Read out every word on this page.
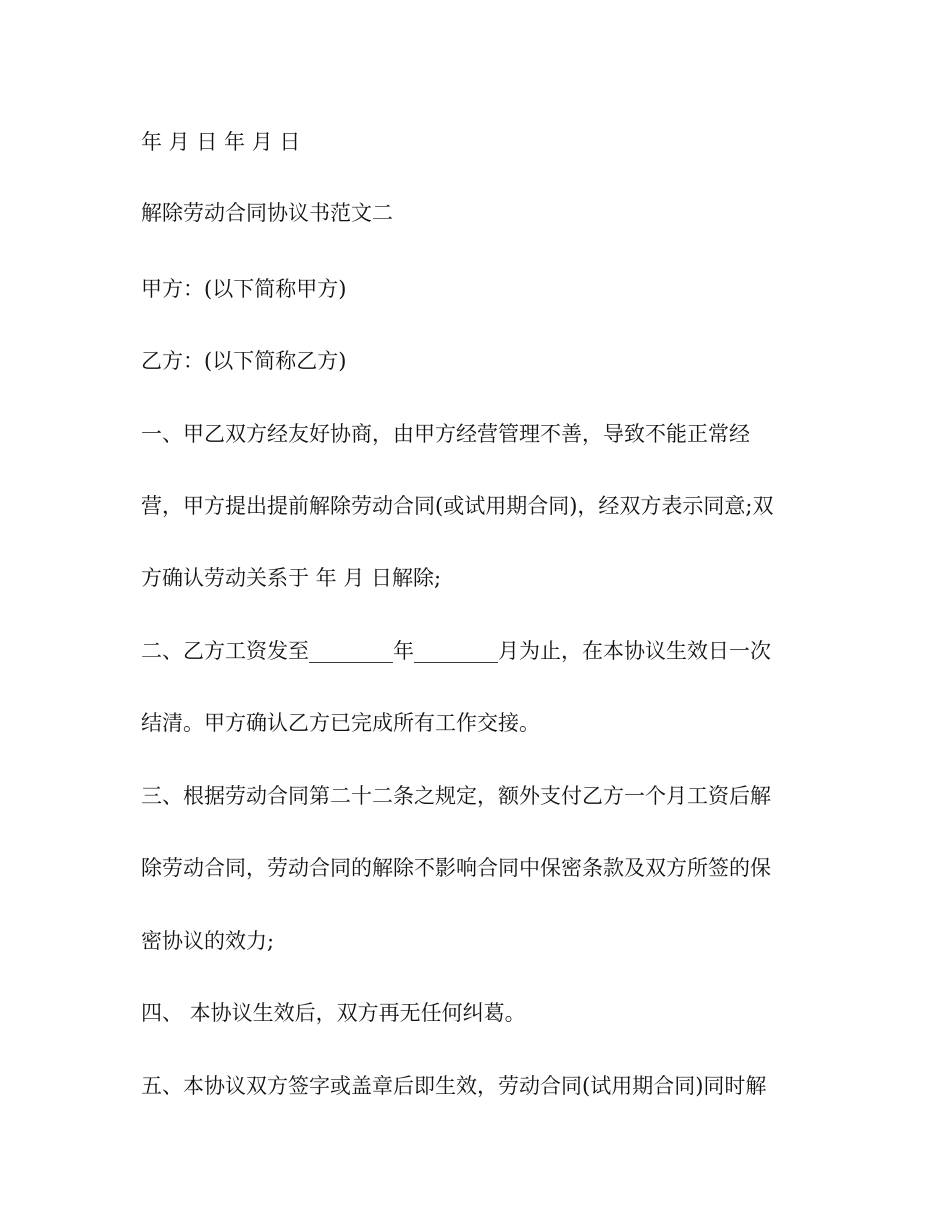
年 月 日 年 月 日
解除劳动合同协议书范文二
甲方：(以下简称甲方)
乙方：(以下简称乙方)
一、甲乙双方经友好协商，由甲方经营管理不善，导致不能正常经
营，甲方提出提前解除劳动合同(或试用期合同)，经双方表示同意;双
方确认劳动关系于 年 月 日解除;
二、乙方工资发至________年________月为止，在本协议生效日一次
结清。甲方确认乙方已完成所有工作交接。
三、根据劳动合同第二十二条之规定，额外支付乙方一个月工资后解
除劳动合同，劳动合同的解除不影响合同中保密条款及双方所签的保
密协议的效力;
四、 本协议生效后，双方再无任何纠葛。
五、本协议双方签字或盖章后即生效，劳动合同(试用期合同)同时解
